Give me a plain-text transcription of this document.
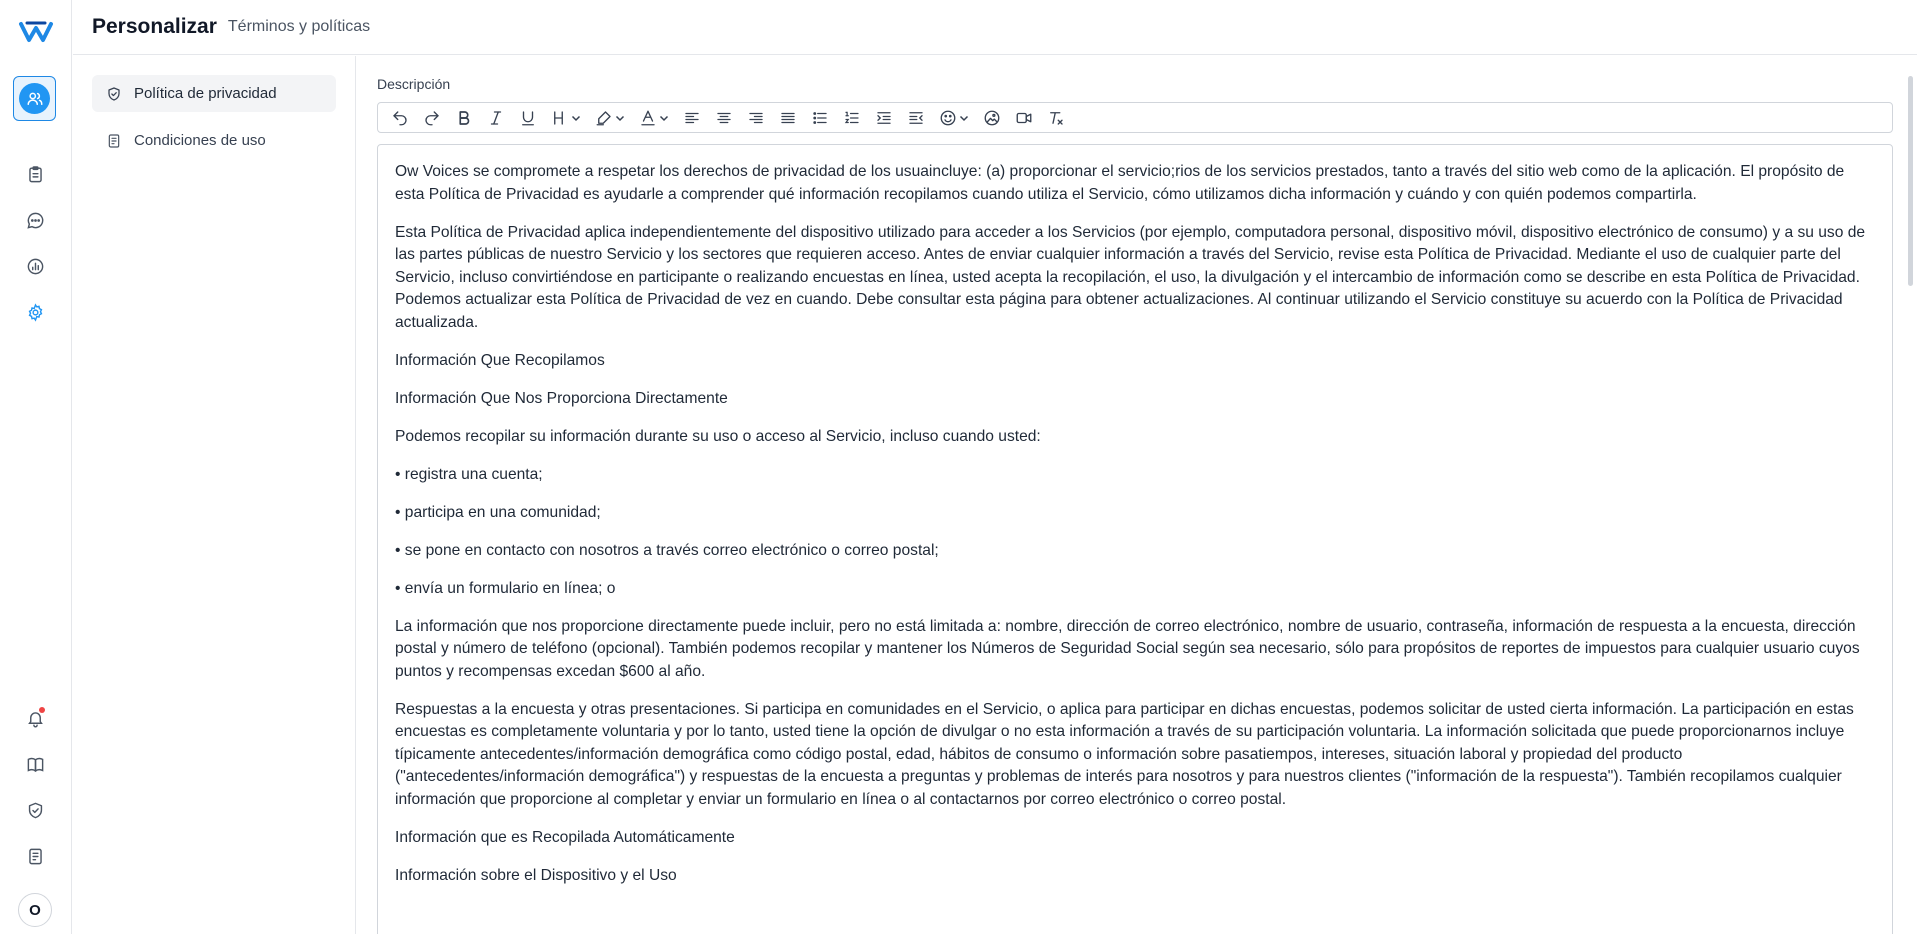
O
Personalizar Términos y políticas
Política de privacidad
Condiciones de uso
Descripción

Ow Voices se compromete a respetar los derechos de privacidad de los usuaincluye: (a) proporcionar el servicio;rios de los servicios prestados, tanto a través del sitio web como de la aplicación. El propósito de esta Política de Privacidad es ayudarle a comprender qué información recopilamos cuando utiliza el Servicio, cómo utilizamos dicha información y cuándo y con quién podemos compartirla.

Esta Política de Privacidad aplica independientemente del dispositivo utilizado para acceder a los Servicios (por ejemplo, computadora personal, dispositivo móvil, dispositivo electrónico de consumo) y a su uso de las partes públicas de nuestro Servicio y los sectores que requieren acceso. Antes de enviar cualquier información a través del Servicio, revise esta Política de Privacidad. Mediante el uso de cualquier parte del Servicio, incluso convirtiéndose en participante o realizando encuestas en línea, usted acepta la recopilación, el uso, la divulgación y el intercambio de información como se describe en esta Política de Privacidad. Podemos actualizar esta Política de Privacidad de vez en cuando. Debe consultar esta página para obtener actualizaciones. Al continuar utilizando el Servicio constituye su acuerdo con la Política de Privacidad actualizada.

Información Que Recopilamos

Información Que Nos Proporciona Directamente

Podemos recopilar su información durante su uso o acceso al Servicio, incluso cuando usted:

• registra una cuenta;

• participa en una comunidad;

• se pone en contacto con nosotros a través correo electrónico o correo postal;

• envía un formulario en línea; o

La información que nos proporcione directamente puede incluir, pero no está limitada a: nombre, dirección de correo electrónico, nombre de usuario, contraseña, información de respuesta a la encuesta, dirección postal y número de teléfono (opcional). También podemos recopilar y mantener los Números de Seguridad Social según sea necesario, sólo para propósitos de reportes de impuestos para cualquier usuario cuyos puntos y recompensas excedan $600 al año.

Respuestas a la encuesta y otras presentaciones. Si participa en comunidades en el Servicio, o aplica para participar en dichas encuestas, podemos solicitar de usted cierta información. La participación en estas encuestas es completamente voluntaria y por lo tanto, usted tiene la opción de divulgar o no esta información a través de su participación voluntaria. La información solicitada que puede proporcionarnos incluye típicamente antecedentes/información demográfica como código postal, edad, hábitos de consumo o información sobre pasatiempos, intereses, situación laboral y propiedad del producto ("antecedentes/información demográfica") y respuestas de la encuesta a preguntas y problemas de interés para nosotros y para nuestros clientes ("información de la respuesta"). También recopilamos cualquier información que proporcione al completar y enviar un formulario en línea o al contactarnos por correo electrónico o correo postal.

Información que es Recopilada Automáticamente

Información sobre el Dispositivo y el Uso
